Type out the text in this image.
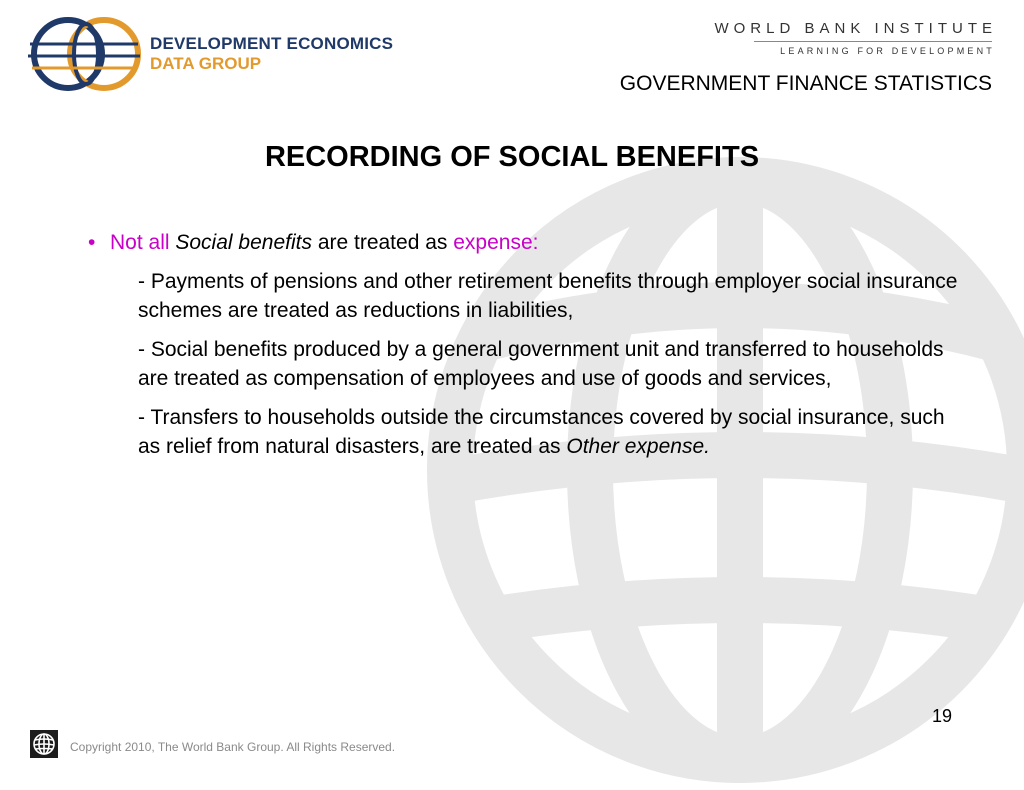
DEVELOPMENT ECONOMICS
DATA GROUP
WORLD BANK INSTITUTE
LEARNING FOR DEVELOPMENT
GOVERNMENT FINANCE STATISTICS
RECORDING OF SOCIAL BENEFITS
• Not all Social benefits are treated as expense:
- Payments of pensions and other retirement benefits through employer social insurance schemes are treated as reductions in liabilities,
- Social benefits produced by a general government unit and transferred to households are treated as compensation of employees and use of goods and services,
- Transfers to households outside the circumstances covered by social insurance, such as relief from natural disasters, are treated as Other expense.
19
Copyright 2010, The World Bank Group. All Rights Reserved.
